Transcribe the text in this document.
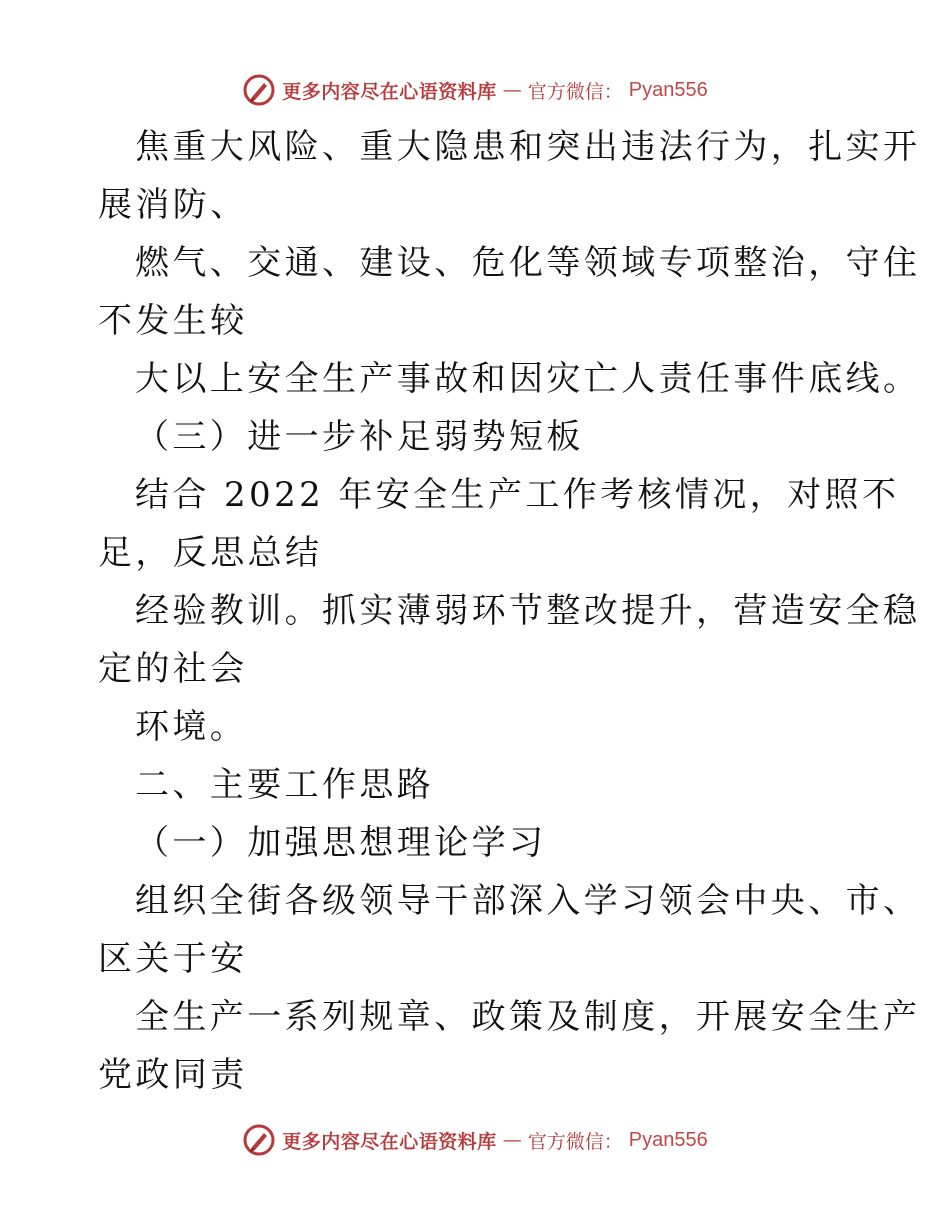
更多内容尽在心语资料库 — 官方微信： Pyan556
焦重大风险、重大隐患和突出违法行为，扎实开
展消防、
燃气、交通、建设、危化等领域专项整治，守住
不发生较
大以上安全生产事故和因灾亡人责任事件底线。
（三）进一步补足弱势短板
结合 2022 年安全生产工作考核情况，对照不
足，反思总结
经验教训。抓实薄弱环节整改提升，营造安全稳
定的社会
环境。
二、主要工作思路
（一）加强思想理论学习
组织全街各级领导干部深入学习领会中央、市、
区关于安
全生产一系列规章、政策及制度，开展安全生产
党政同责
更多内容尽在心语资料库 — 官方微信： Pyan556
